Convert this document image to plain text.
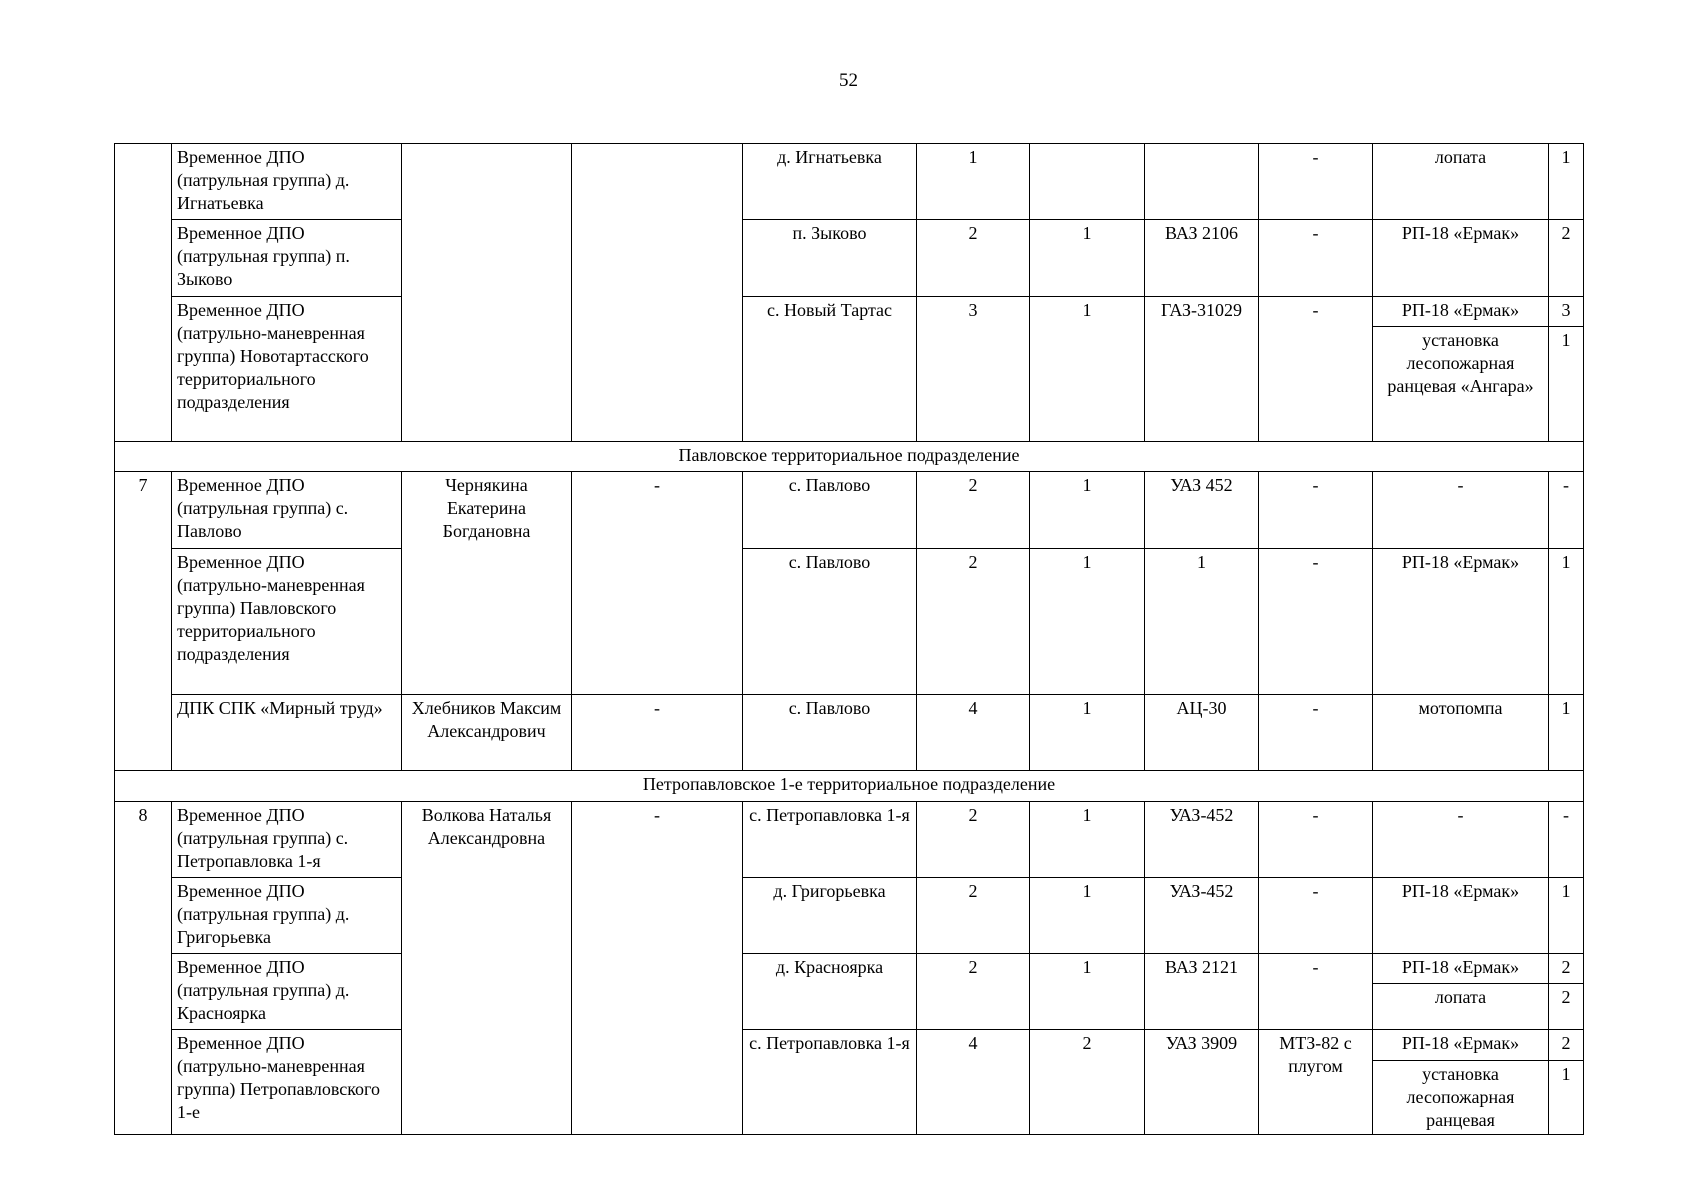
52
	Временное ДПО (патрульная группа) д. Игнатьевка			д. Игнатьевка	1			-	лопата	1
	Временное ДПО (патрульная группа) п. Зыково			п. Зыково	2	1	ВАЗ 2106	-	РП-18 «Ермак»	2
	Временное ДПО (патрульно-маневренная группа) Новотартасского территориального подразделения			с. Новый Тартас	3	1	ГАЗ-31029	-	РП-18 «Ермак»	3
									установка лесопожарная ранцевая «Ангара»	1
Павловское территориальное подразделение										
7	Временное ДПО (патрульная группа) с. Павлово	Чернякина Екатерина Богдановна	-	с. Павлово	2	1	УАЗ 452	-	-	-
	Временное ДПО (патрульно-маневренная группа) Павловского территориального подразделения			с. Павлово	2	1	1	-	РП-18 «Ермак»	1
	ДПК СПК «Мирный труд»	Хлебников Максим Александрович	-	с. Павлово	4	1	АЦ-30	-	мотопомпа	1
Петропавловское 1-е территориальное подразделение										
8	Временное ДПО (патрульная группа) с. Петропавловка 1-я	Волкова Наталья Александровна	-	с. Петропавловка 1-я	2	1	УАЗ-452	-	-	-
	Временное ДПО (патрульная группа) д. Григорьевка			д. Григорьевка	2	1	УАЗ-452	-	РП-18 «Ермак»	1
	Временное ДПО (патрульная группа) д. Красноярка			д. Красноярка	2	1	ВАЗ 2121	-	РП-18 «Ермак»	2
									лопата	2
	Временное ДПО (патрульно-маневренная группа) Петропавловского 1-е			с. Петропавловка 1-я	4	2	УАЗ 3909	МТЗ-82 с плугом	РП-18 «Ермак»	2
									установка лесопожарная ранцевая	1
